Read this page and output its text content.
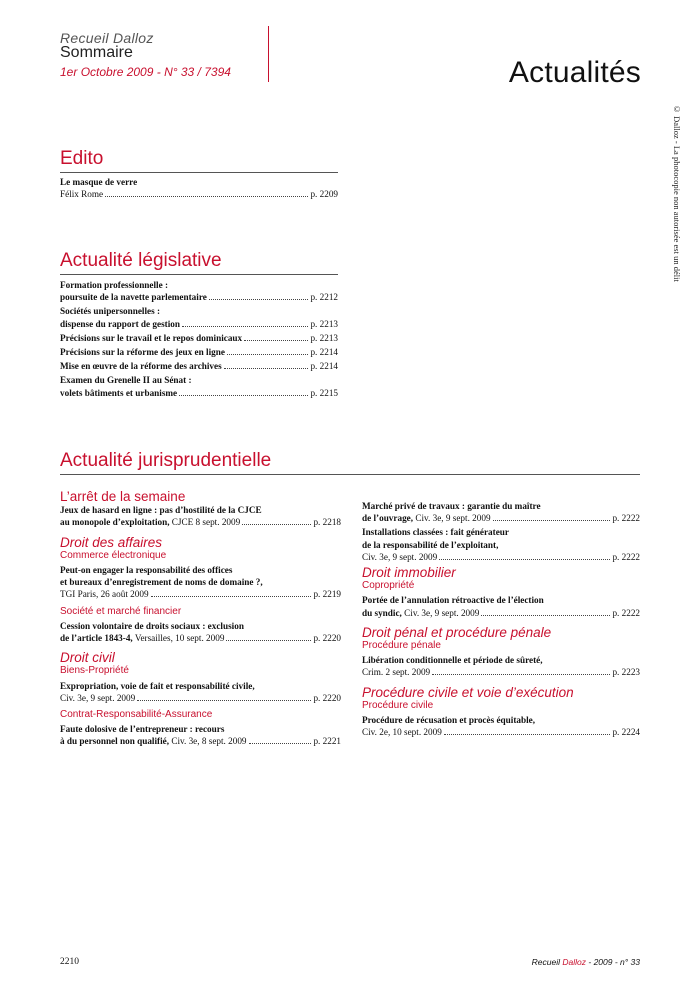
Recueil Dalloz
Sommaire
1er Octobre 2009 - N° 33 / 7394	Actualités
© Dalloz - La photocopie non autorisée est un délit
Edito
Le masque de verre
Félix Rome	p. 2209
Actualité législative
Formation professionnelle :
poursuite de la navette parlementaire	p. 2212
Sociétés unipersonnelles :
dispense du rapport de gestion	p. 2213
Précisions sur le travail et le repos dominicaux	p. 2213
Précisions sur la réforme des jeux en ligne	p. 2214
Mise en œuvre de la réforme des archives	p. 2214
Examen du Grenelle II au Sénat :
volets bâtiments et urbanisme	p. 2215
Actualité jurisprudentielle
L’arrêt de la semaine
Jeux de hasard en ligne : pas d’hostilité de la CJCE
au monopole d’exploitation, CJCE 8 sept. 2009	p. 2218
Droit des affaires
Commerce électronique
Peut-on engager la responsabilité des offices
et bureaux d’enregistrement de noms de domaine ?,
TGI Paris, 26 août 2009	p. 2219
Société et marché financier
Cession volontaire de droits sociaux : exclusion
de l’article 1843-4, Versailles, 10 sept. 2009	p. 2220
Droit civil
Biens-Propriété
Expropriation, voie de fait et responsabilité civile,
Civ. 3e, 9 sept. 2009	p. 2220
Contrat-Responsabilité-Assurance
Faute dolosive de l’entrepreneur : recours
à du personnel non qualifié, Civ. 3e, 8 sept. 2009	p. 2221
Marché privé de travaux : garantie du maître
de l’ouvrage, Civ. 3e, 9 sept. 2009	p. 2222
Installations classées : fait générateur
de la responsabilité de l’exploitant,
Civ. 3e, 9 sept. 2009	p. 2222
Droit immobilier
Copropriété
Portée de l’annulation rétroactive de l’élection
du syndic, Civ. 3e, 9 sept. 2009	p. 2222
Droit pénal et procédure pénale
Procédure pénale
Libération conditionnelle et période de sûreté,
Crim. 2 sept. 2009	p. 2223
Procédure civile et voie d’exécution
Procédure civile
Procédure de récusation et procès équitable,
Civ. 2e, 10 sept. 2009	p. 2224
2210	Recueil Dalloz - 2009 - n° 33
